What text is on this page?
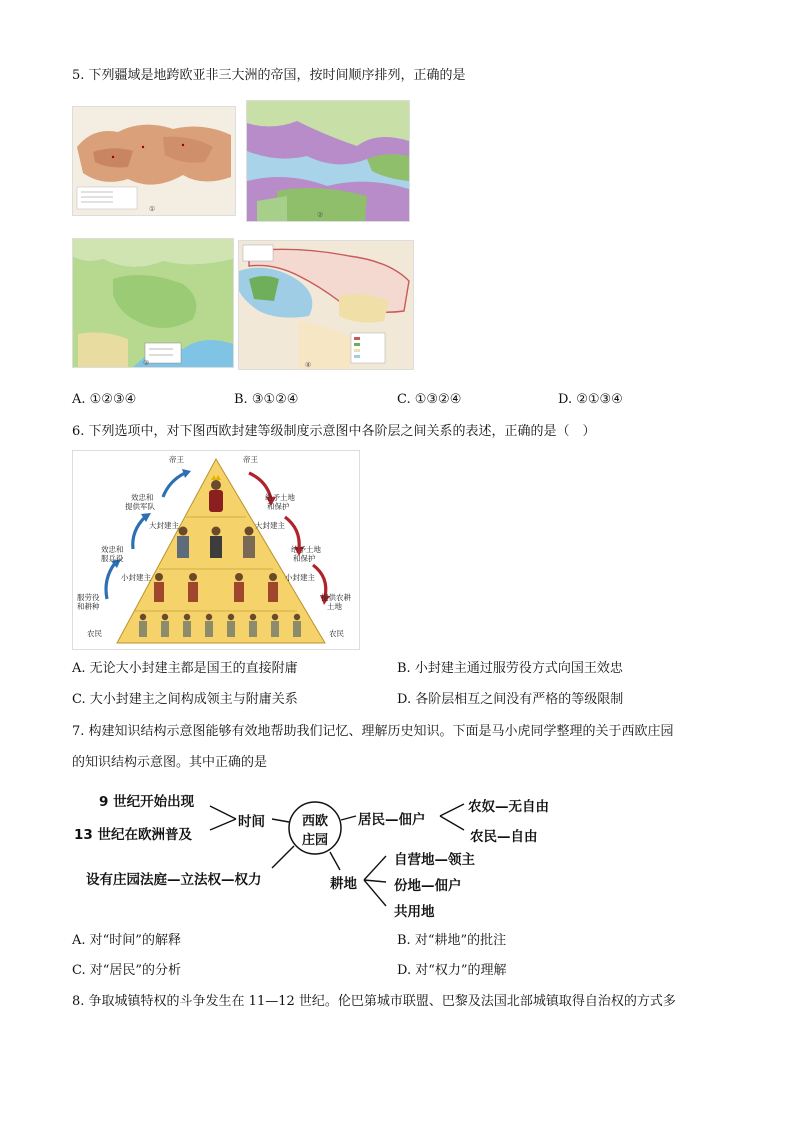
5. 下列疆域是地跨欧亚非三大洲的帝国，按时间顺序排列，正确的是
①
②
③	④
A. ①②③④	B. ③①②④	C. ①③②④	D. ②①③④
6. 下列选项中，对下图西欧封建等级制度示意图中各阶层之间关系的表述，正确的是（　）
帝王	帝王
效忠和
提供军队
给予土地
和保护
大封建主	大封建主
效忠和
服兵役
给予土地
和保护
小封建主	小封建主
服劳役
和耕种
提供农耕
土地
农民	农民
A. 无论大小封建主都是国王的直接附庸	B. 小封建主通过服劳役方式向国王效忠
C. 大小封建主之间构成领主与附庸关系	D. 各阶层相互之间没有严格的等级限制
7. 构建知识结构示意图能够有效地帮助我们记忆、理解历史知识。下面是马小虎同学整理的关于西欧庄园
的知识结构示意图。其中正确的是
西欧
庄园
9 世纪开始出现
13 世纪在欧洲普及
时间	居民—佃户
农奴—无自由
农民—自由
设有庄园法庭—立法权—权力	耕地
自营地—领主
份地—佃户
共用地
A. 对“时间”的解释	B. 对“耕地”的批注
C. 对“居民”的分析	D. 对“权力”的理解
8. 争取城镇特权的斗争发生在 11—12 世纪。伦巴第城市联盟、巴黎及法国北部城镇取得自治权的方式多
